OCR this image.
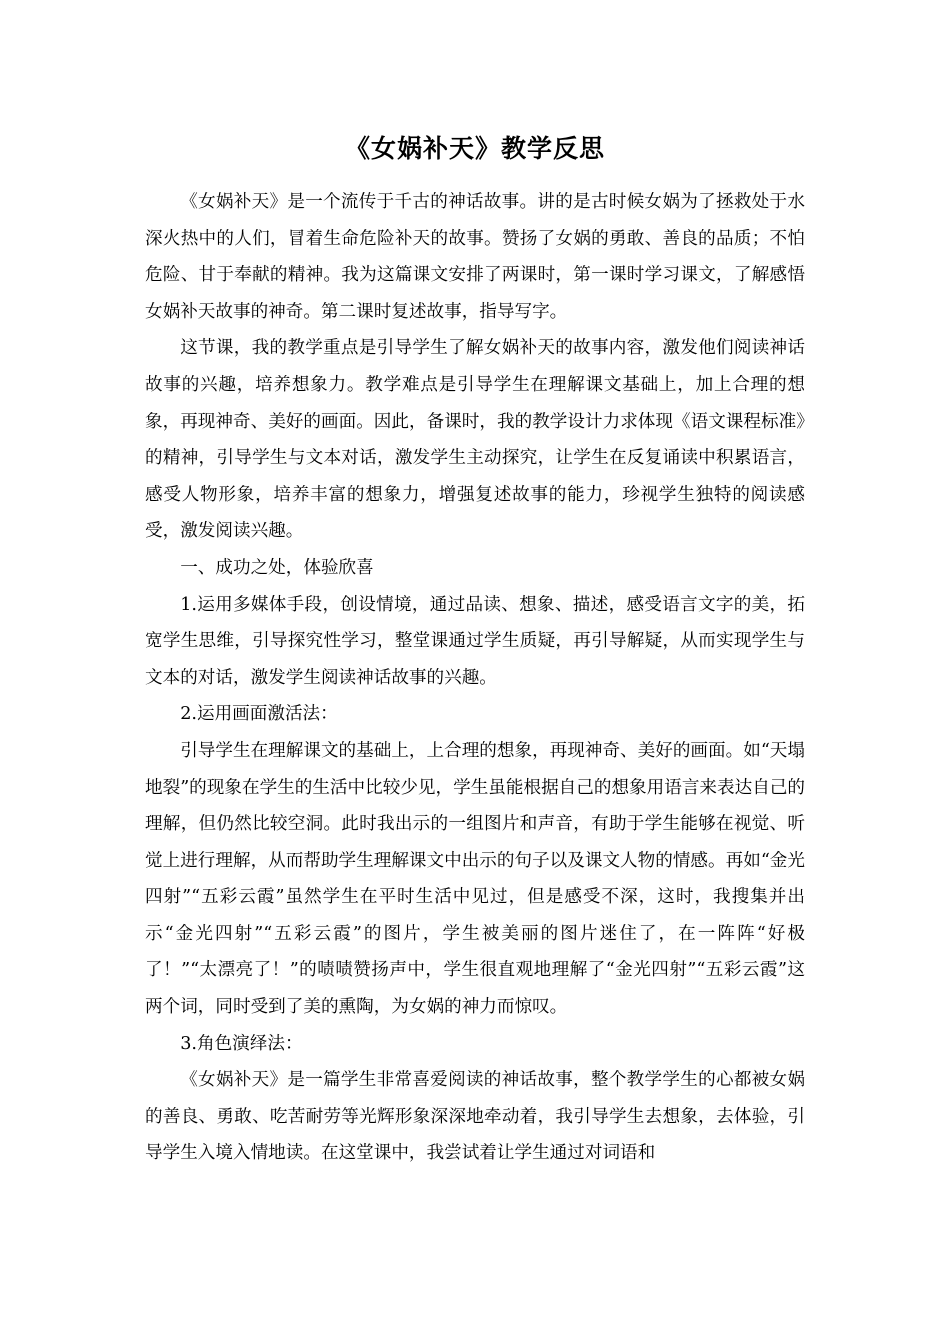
《女娲补天》教学反思

《女娲补天》是一个流传于千古的神话故事。讲的是古时候女娲为了拯救处于水深火热中的人们，冒着生命危险补天的故事。赞扬了女娲的勇敢、善良的品质；不怕危险、甘于奉献的精神。我为这篇课文安排了两课时，第一课时学习课文，了解感悟女娲补天故事的神奇。第二课时复述故事，指导写字。

这节课，我的教学重点是引导学生了解女娲补天的故事内容，激发他们阅读神话故事的兴趣，培养想象力。教学难点是引导学生在理解课文基础上，加上合理的想象，再现神奇、美好的画面。因此，备课时，我的教学设计力求体现《语文课程标准》的精神，引导学生与文本对话，激发学生主动探究，让学生在反复诵读中积累语言，感受人物形象，培养丰富的想象力，增强复述故事的能力，珍视学生独特的阅读感受，激发阅读兴趣。

一、成功之处，体验欣喜

1.运用多媒体手段，创设情境，通过品读、想象、描述，感受语言文字的美，拓宽学生思维，引导探究性学习，整堂课通过学生质疑，再引导解疑，从而实现学生与文本的对话，激发学生阅读神话故事的兴趣。

2.运用画面激活法：

引导学生在理解课文的基础上，上合理的想象，再现神奇、美好的画面。如“天塌地裂”的现象在学生的生活中比较少见，学生虽能根据自己的想象用语言来表达自己的理解，但仍然比较空洞。此时我出示的一组图片和声音，有助于学生能够在视觉、听觉上进行理解，从而帮助学生理解课文中出示的句子以及课文人物的情感。再如“金光四射”“五彩云霞”虽然学生在平时生活中见过，但是感受不深，这时，我搜集并出示“金光四射”“五彩云霞”的图片，学生被美丽的图片迷住了，在一阵阵“好极了！”“太漂亮了！”的啧啧赞扬声中，学生很直观地理解了“金光四射”“五彩云霞”这两个词，同时受到了美的熏陶，为女娲的神力而惊叹。

3.角色演绎法：

《女娲补天》是一篇学生非常喜爱阅读的神话故事，整个教学学生的心都被女娲的善良、勇敢、吃苦耐劳等光辉形象深深地牵动着，我引导学生去想象，去体验，引导学生入境入情地读。在这堂课中，我尝试着让学生通过对词语和
